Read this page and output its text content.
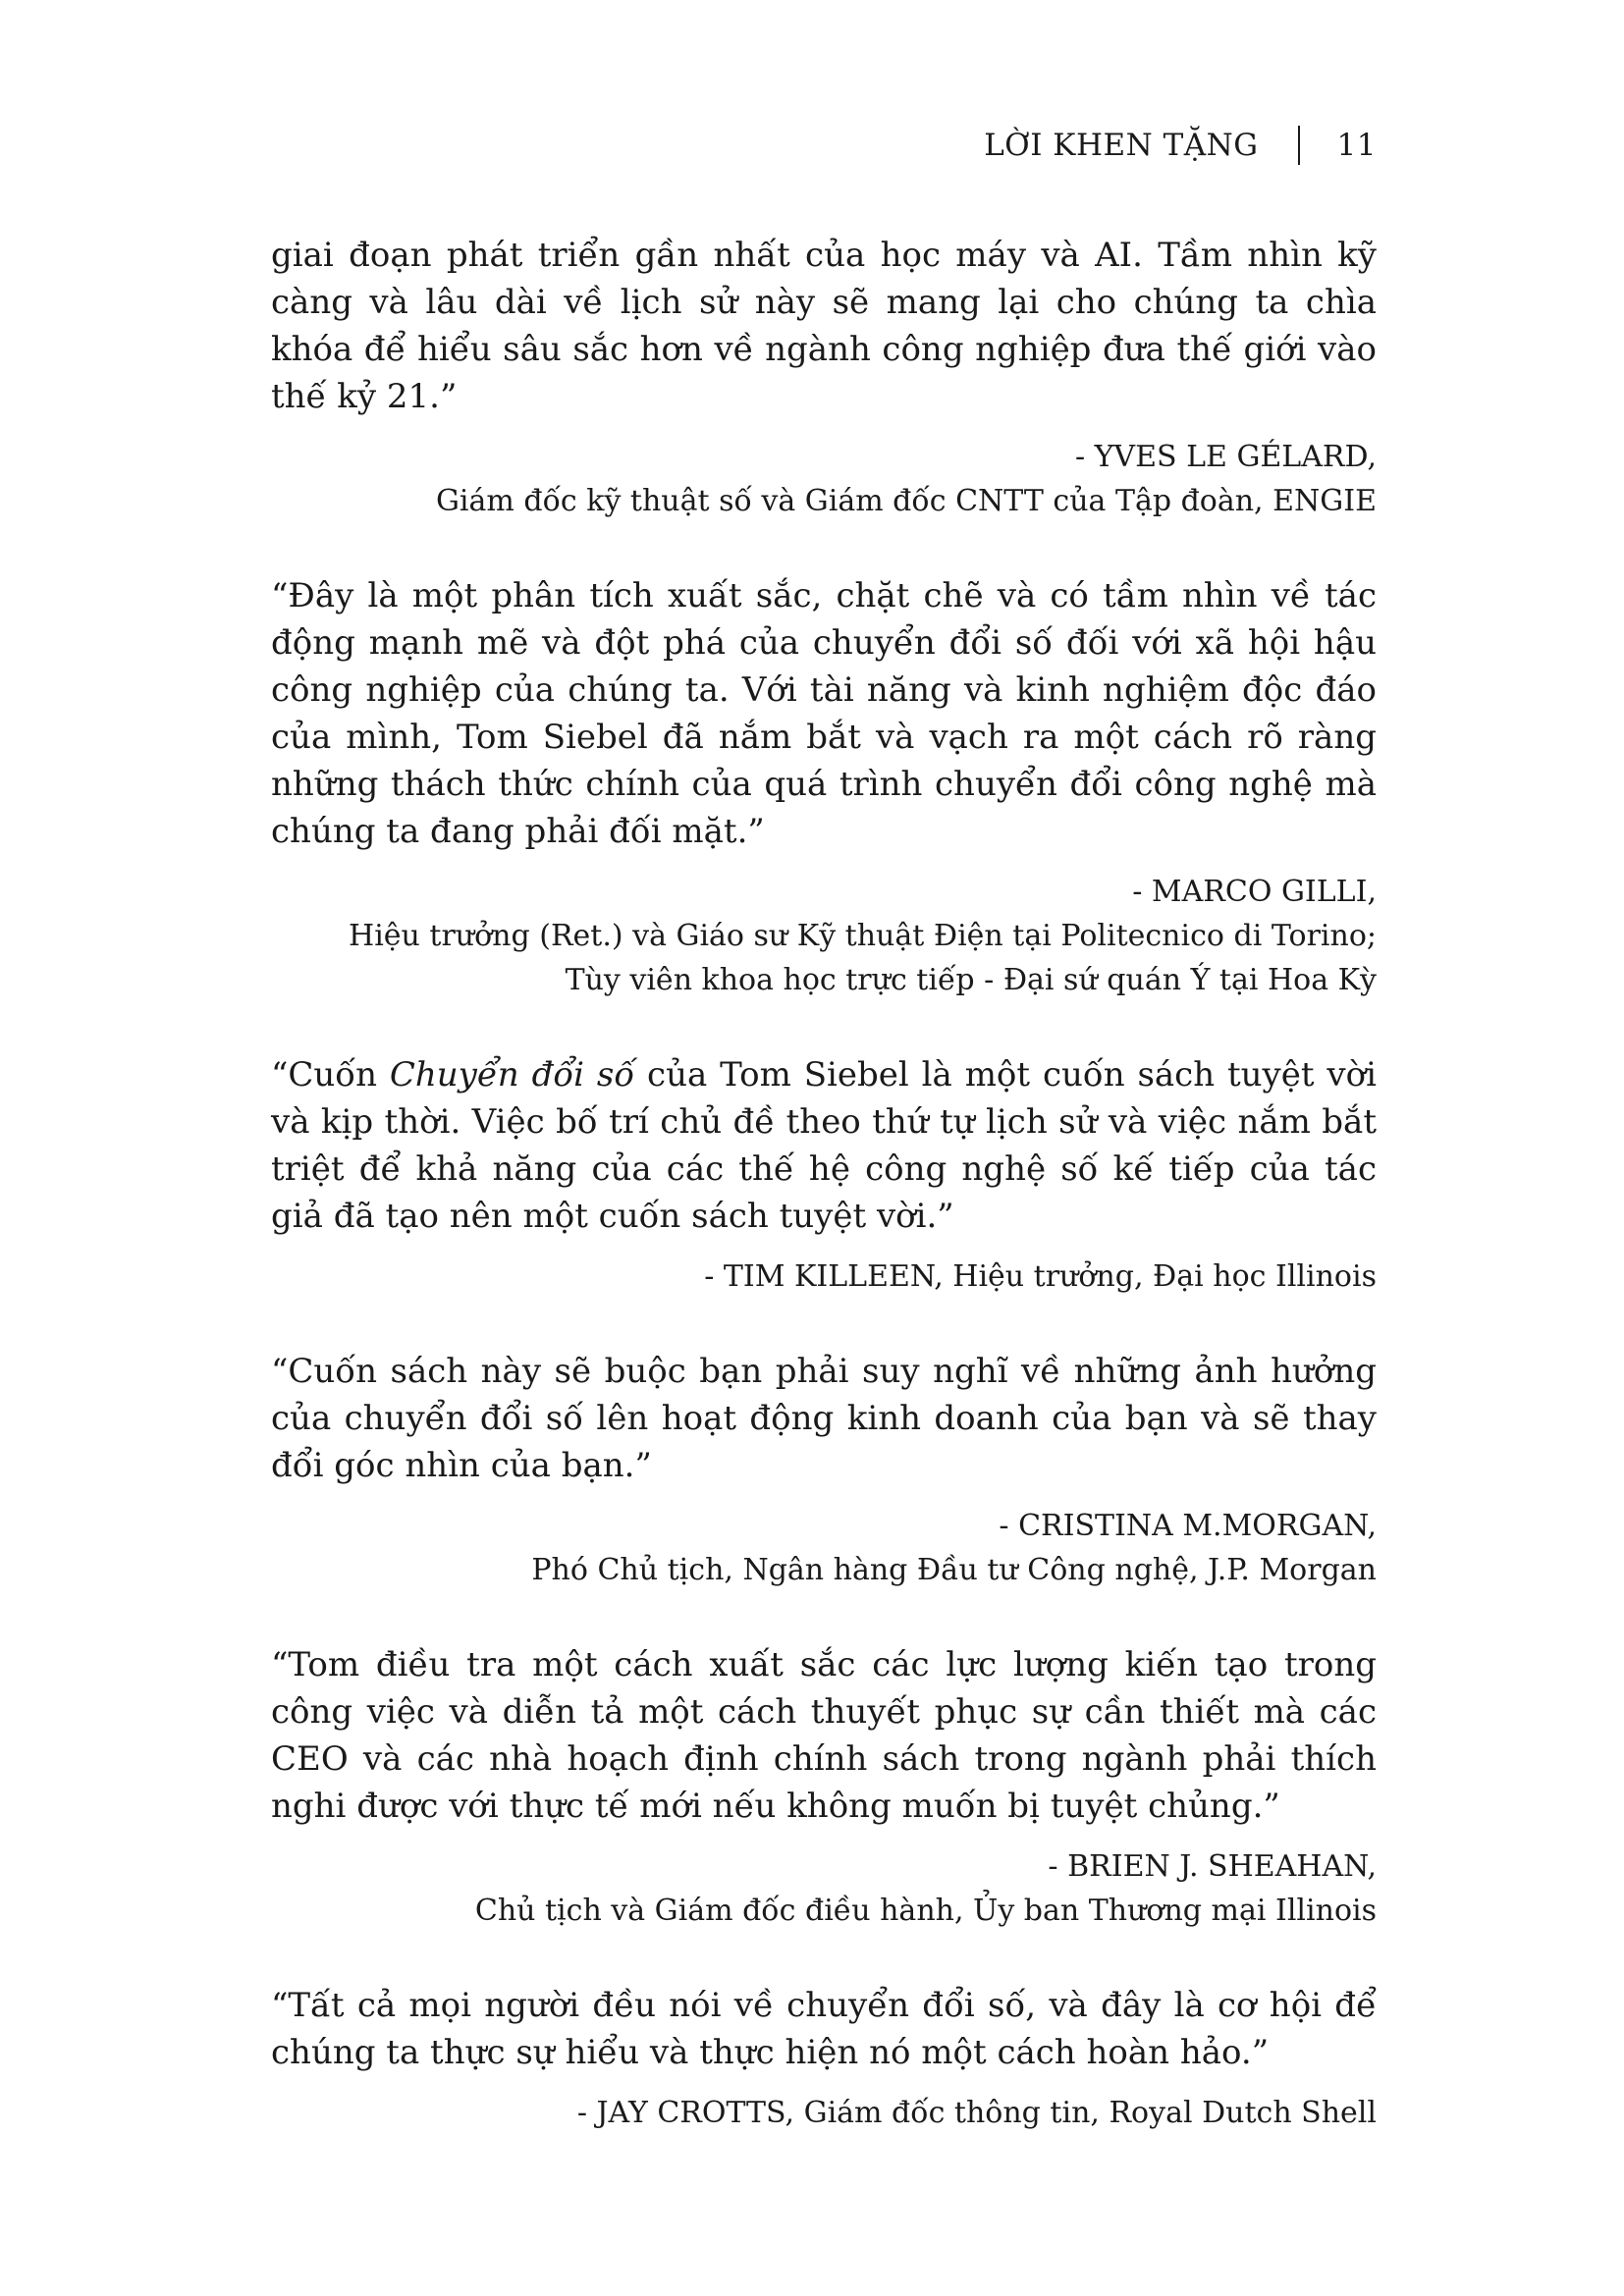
LỜI KHEN TẶNG	11

giai đoạn phát triển gần nhất của học máy và AI. Tầm nhìn kỹ càng và lâu dài về lịch sử này sẽ mang lại cho chúng ta chìa khóa để hiểu sâu sắc hơn về ngành công nghiệp đưa thế giới vào thế kỷ 21.”

- YVES LE GÉLARD,
Giám đốc kỹ thuật số và Giám đốc CNTT của Tập đoàn, ENGIE

“Đây là một phân tích xuất sắc, chặt chẽ và có tầm nhìn về tác động mạnh mẽ và đột phá của chuyển đổi số đối với xã hội hậu công nghiệp của chúng ta. Với tài năng và kinh nghiệm độc đáo của mình, Tom Siebel đã nắm bắt và vạch ra một cách rõ ràng những thách thức chính của quá trình chuyển đổi công nghệ mà chúng ta đang phải đối mặt.”

- MARCO GILLI,
Hiệu trưởng (Ret.) và Giáo sư Kỹ thuật Điện tại Politecnico di Torino;
Tùy viên khoa học trực tiếp - Đại sứ quán Ý tại Hoa Kỳ

“Cuốn Chuyển đổi số của Tom Siebel là một cuốn sách tuyệt vời và kịp thời. Việc bố trí chủ đề theo thứ tự lịch sử và việc nắm bắt triệt để khả năng của các thế hệ công nghệ số kế tiếp của tác giả đã tạo nên một cuốn sách tuyệt vời.”

- TIM KILLEEN, Hiệu trưởng, Đại học Illinois

“Cuốn sách này sẽ buộc bạn phải suy nghĩ về những ảnh hưởng của chuyển đổi số lên hoạt động kinh doanh của bạn và sẽ thay đổi góc nhìn của bạn.”

- CRISTINA M.MORGAN,
Phó Chủ tịch, Ngân hàng Đầu tư Công nghệ, J.P. Morgan

“Tom điều tra một cách xuất sắc các lực lượng kiến tạo trong công việc và diễn tả một cách thuyết phục sự cần thiết mà các CEO và các nhà hoạch định chính sách trong ngành phải thích nghi được với thực tế mới nếu không muốn bị tuyệt chủng.”

- BRIEN J. SHEAHAN,
Chủ tịch và Giám đốc điều hành, Ủy ban Thương mại Illinois

“Tất cả mọi người đều nói về chuyển đổi số, và đây là cơ hội để chúng ta thực sự hiểu và thực hiện nó một cách hoàn hảo.”

- JAY CROTTS, Giám đốc thông tin, Royal Dutch Shell
